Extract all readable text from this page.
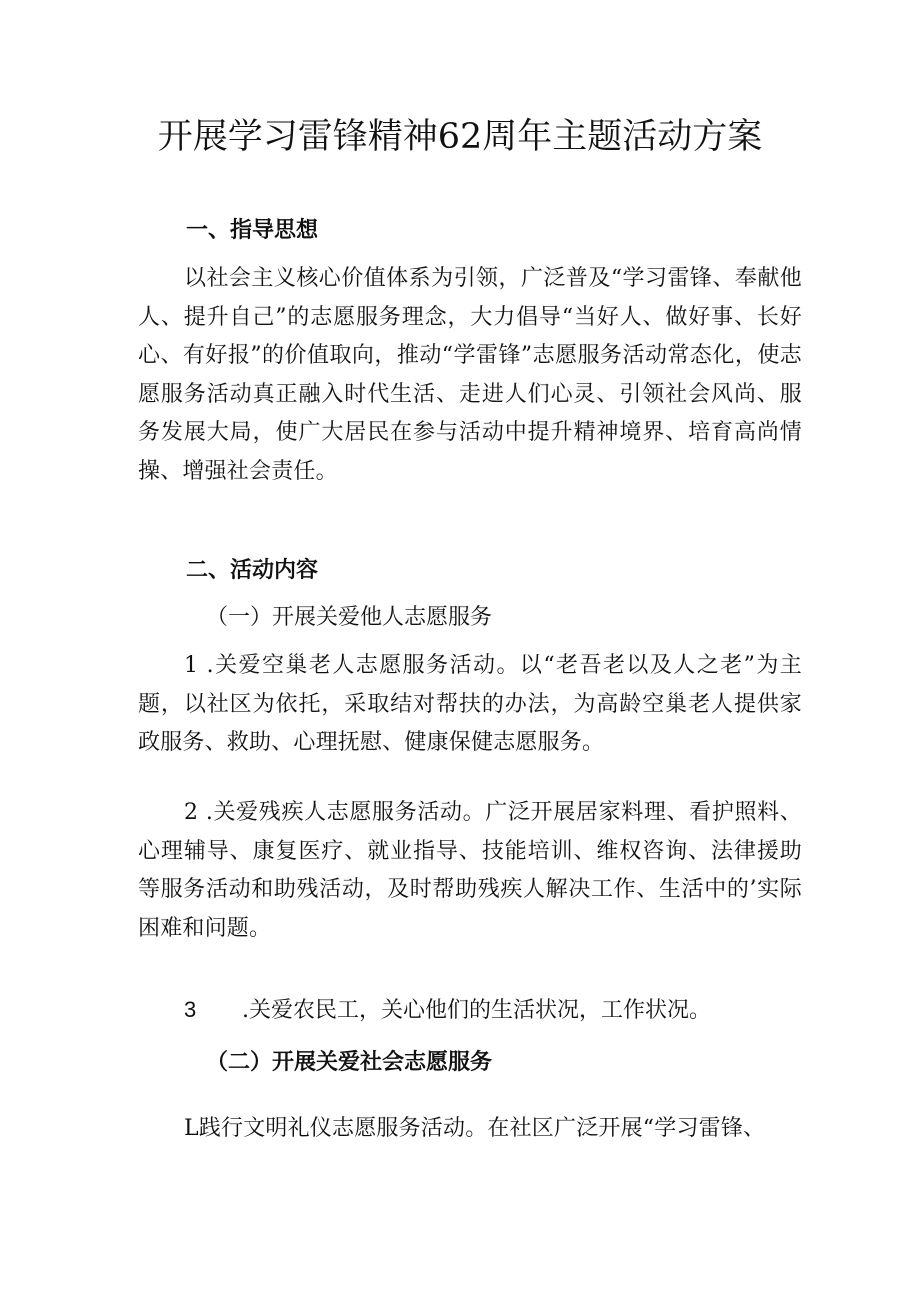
开展学习雷锋精神62周年主题活动方案

一、指导思想

以社会主义核心价值体系为引领，广泛普及“学习雷锋、奉献他人、提升自己”的志愿服务理念，大力倡导“当好人、做好事、长好心、有好报”的价值取向，推动“学雷锋”志愿服务活动常态化，使志愿服务活动真正融入时代生活、走进人们心灵、引领社会风尚、服务发展大局，使广大居民在参与活动中提升精神境界、培育高尚情操、增强社会责任。

二、活动内容

（一）开展关爱他人志愿服务

1 .关爱空巢老人志愿服务活动。以“老吾老以及人之老”为主题，以社区为依托，采取结对帮扶的办法，为高龄空巢老人提供家政服务、救助、心理抚慰、健康保健志愿服务。

2 .关爱残疾人志愿服务活动。广泛开展居家料理、看护照料、心理辅导、康复医疗、就业指导、技能培训、维权咨询、法律援助等服务活动和助残活动，及时帮助残疾人解决工作、生活中的’实际困难和问题。

3 .关爱农民工，关心他们的生活状况，工作状况。

（二）开展关爱社会志愿服务

L践行文明礼仪志愿服务活动。在社区广泛开展“学习雷锋、
